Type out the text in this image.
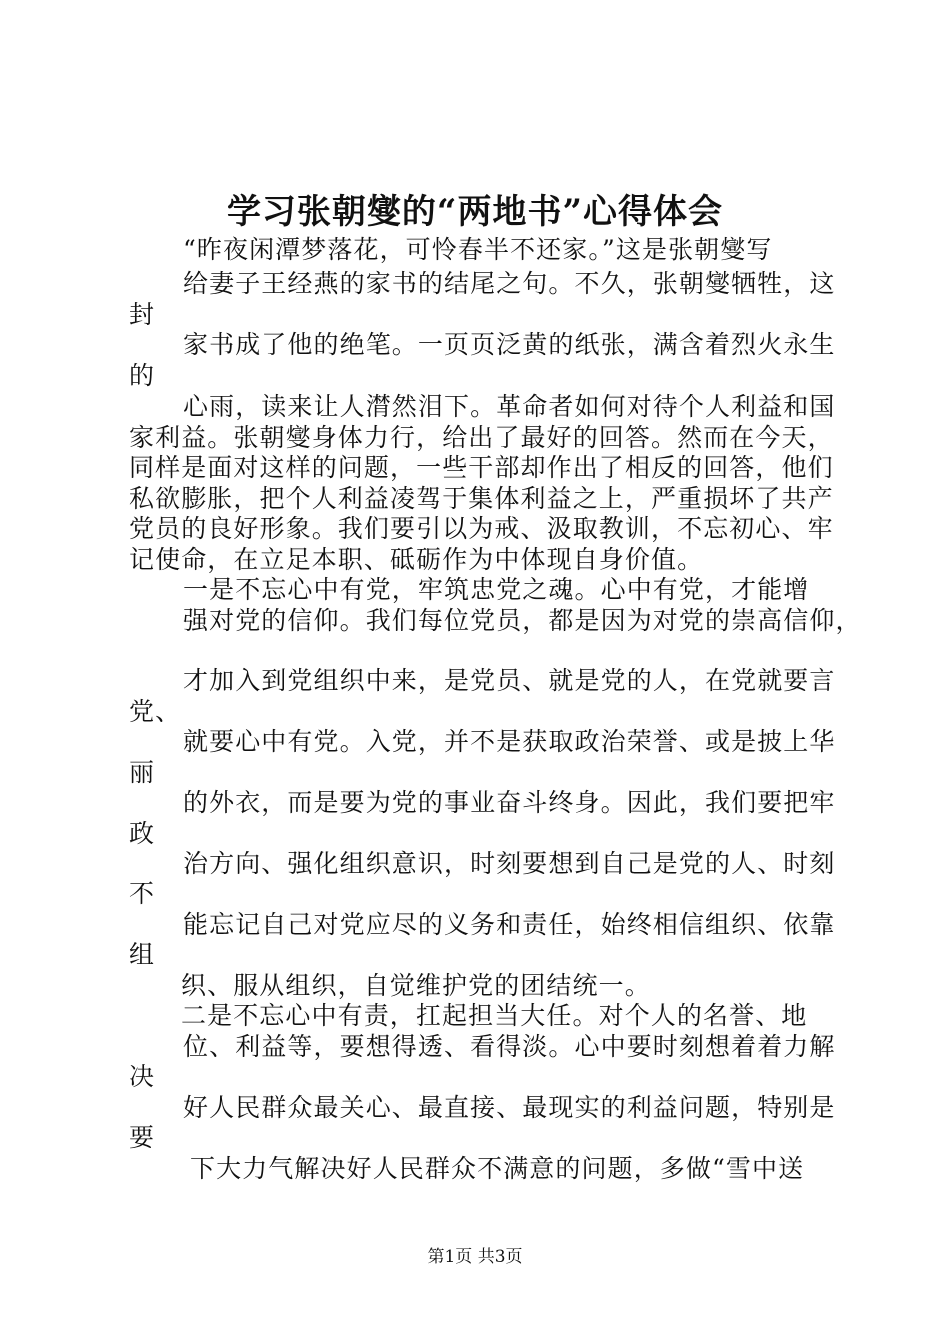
学习张朝燮的“两地书”心得体会
“昨夜闲潭梦落花，可怜春半不还家。”这是张朝燮写
给妻子王经燕的家书的结尾之句。不久，张朝燮牺牲，这
封
家书成了他的绝笔。一页页泛黄的纸张，满含着烈火永生
的
心雨，读来让人潸然泪下。革命者如何对待个人利益和国
家利益。张朝燮身体力行，给出了最好的回答。然而在今天，
同样是面对这样的问题，一些干部却作出了相反的回答，他们
私欲膨胀，把个人利益凌驾于集体利益之上，严重损坏了共产
党员的良好形象。我们要引以为戒、汲取教训，不忘初心、牢
记使命，在立足本职、砥砺作为中体现自身价值。
一是不忘心中有党，牢筑忠党之魂。心中有党，才能增
强对党的信仰。我们每位党员，都是因为对党的崇高信仰，
才加入到党组织中来，是党员、就是党的人，在党就要言
党、
就要心中有党。入党，并不是获取政治荣誉、或是披上华
丽
的外衣，而是要为党的事业奋斗终身。因此，我们要把牢
政
治方向、强化组织意识，时刻要想到自己是党的人、时刻
不
能忘记自己对党应尽的义务和责任，始终相信组织、依靠
组
织、服从组织，自觉维护党的团结统一。
二是不忘心中有责，扛起担当大任。对个人的名誉、地
位、利益等，要想得透、看得淡。心中要时刻想着着力解
决
好人民群众最关心、最直接、最现实的利益问题，特别是
要
下大力气解决好人民群众不满意的问题，多做“雪中送
第1页 共3页
